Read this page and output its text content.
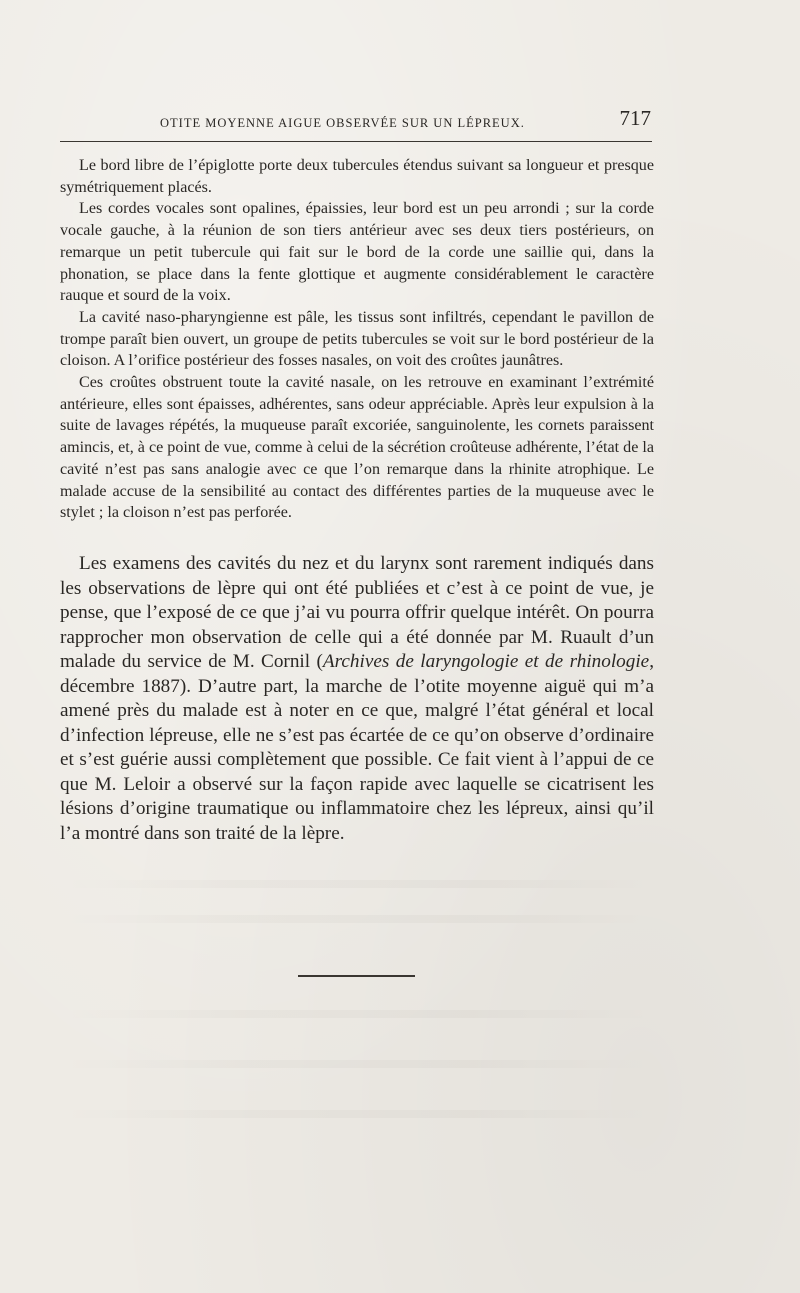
OTITE MOYENNE AIGUE OBSERVÉE SUR UN LÉPREUX.	717

Le bord libre de l’épiglotte porte deux tubercules étendus suivant sa longueur et presque symétriquement placés.

Les cordes vocales sont opalines, épaissies, leur bord est un peu arrondi ; sur la corde vocale gauche, à la réunion de son tiers antérieur avec ses deux tiers postérieurs, on remarque un petit tubercule qui fait sur le bord de la corde une saillie qui, dans la phonation, se place dans la fente glottique et augmente considérablement le caractère rauque et sourd de la voix.

La cavité naso-pharyngienne est pâle, les tissus sont infiltrés, cependant le pavillon de trompe paraît bien ouvert, un groupe de petits tubercules se voit sur le bord postérieur de la cloison. A l’orifice postérieur des fosses nasales, on voit des croûtes jaunâtres.

Ces croûtes obstruent toute la cavité nasale, on les retrouve en examinant l’extrémité antérieure, elles sont épaisses, adhérentes, sans odeur appréciable. Après leur expulsion à la suite de lavages répétés, la muqueuse paraît excoriée, sanguinolente, les cornets paraissent amincis, et, à ce point de vue, comme à celui de la sécrétion croûteuse adhérente, l’état de la cavité n’est pas sans analogie avec ce que l’on remarque dans la rhinite atrophique. Le malade accuse de la sensibilité au contact des différentes parties de la muqueuse avec le stylet ; la cloison n’est pas perforée.

Les examens des cavités du nez et du larynx sont rarement indiqués dans les observations de lèpre qui ont été publiées et c’est à ce point de vue, je pense, que l’exposé de ce que j’ai vu pourra offrir quelque intérêt. On pourra rapprocher mon observation de celle qui a été donnée par M. Ruault d’un malade du service de M. Cornil (Archives de laryngologie et de rhinologie, décembre 1887). D’autre part, la marche de l’otite moyenne aiguë qui m’a amené près du malade est à noter en ce que, malgré l’état général et local d’infection lépreuse, elle ne s’est pas écartée de ce qu’on observe d’ordinaire et s’est guérie aussi complètement que possible. Ce fait vient à l’appui de ce que M. Leloir a observé sur la façon rapide avec laquelle se cicatrisent les lésions d’origine traumatique ou inflammatoire chez les lépreux, ainsi qu’il l’a montré dans son traité de la lèpre.
